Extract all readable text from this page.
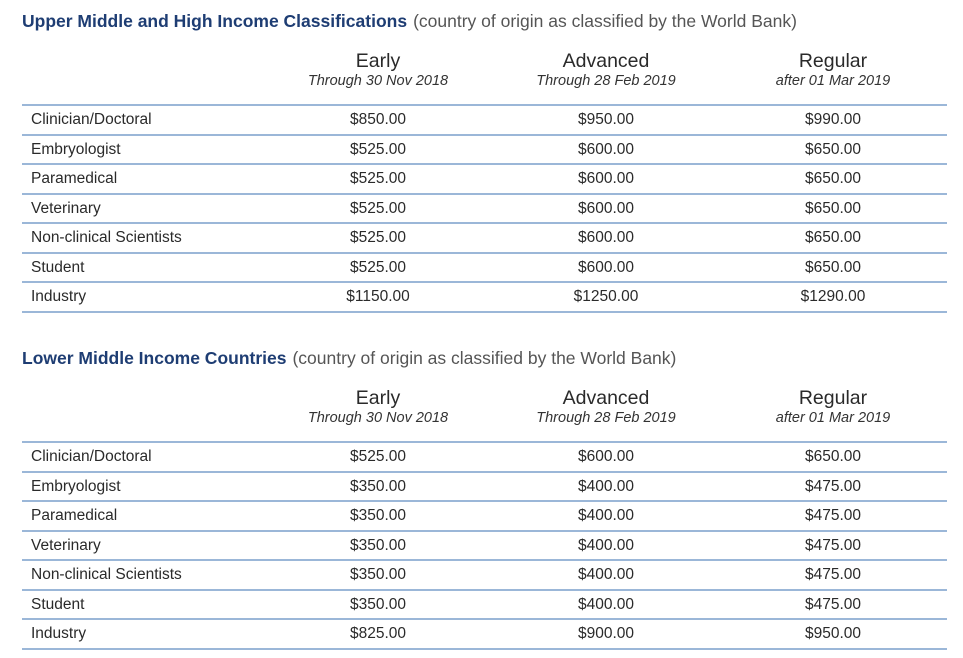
Upper Middle and High Income Classifications (country of origin as classified by the World Bank)
Early
Through 30 Nov 2018
Advanced
Through 28 Feb 2019
Regular
after 01 Mar 2019
Clinician/Doctoral	$850.00	$950.00	$990.00
Embryologist	$525.00	$600.00	$650.00
Paramedical	$525.00	$600.00	$650.00
Veterinary	$525.00	$600.00	$650.00
Non-clinical Scientists	$525.00	$600.00	$650.00
Student	$525.00	$600.00	$650.00
Industry	$1150.00	$1250.00	$1290.00
Lower Middle Income Countries (country of origin as classified by the World Bank)
Early
Through 30 Nov 2018
Advanced
Through 28 Feb 2019
Regular
after 01 Mar 2019
Clinician/Doctoral	$525.00	$600.00	$650.00
Embryologist	$350.00	$400.00	$475.00
Paramedical	$350.00	$400.00	$475.00
Veterinary	$350.00	$400.00	$475.00
Non-clinical Scientists	$350.00	$400.00	$475.00
Student	$350.00	$400.00	$475.00
Industry	$825.00	$900.00	$950.00
